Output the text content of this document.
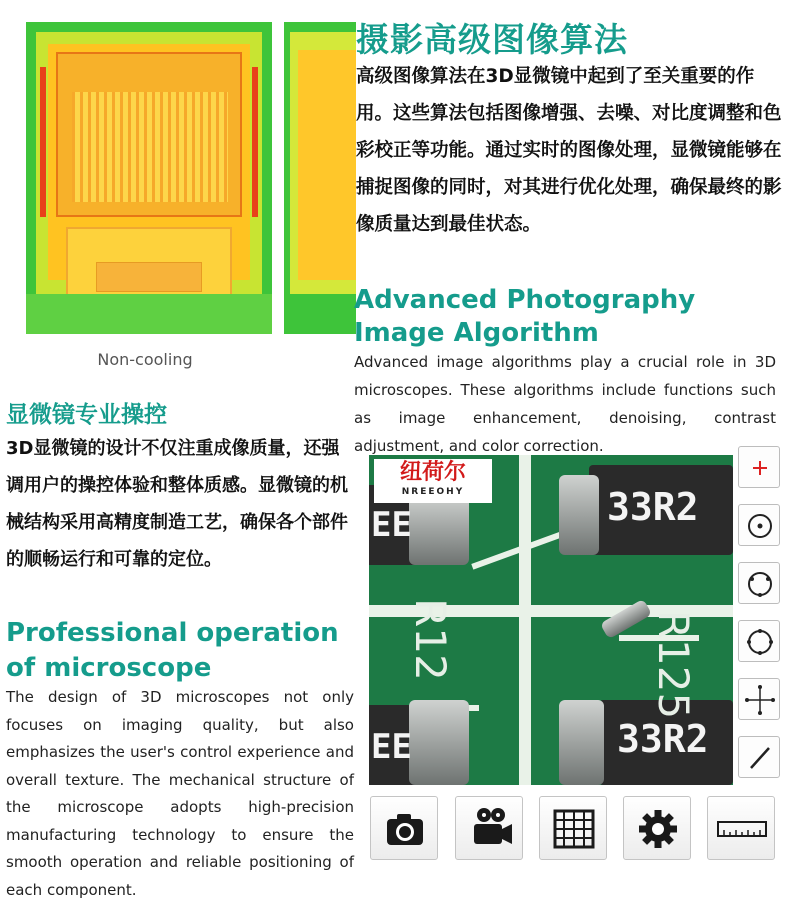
Non-cooling
摄影高级图像算法
高级图像算法在3D显微镜中起到了至关重要的作用。这些算法包括图像增强、去噪、对比度调整和色彩校正等功能。通过实时的图像处理，显微镜能够在捕捉图像的同时，对其进行优化处理，确保最终的影像质量达到最佳状态。
Advanced Photography Image Algorithm
Advanced image algorithms play a crucial role in 3D microscopes. These algorithms include functions such as image enhancement, denoising, contrast adjustment, and color correction.
显微镜专业操控
3D显微镜的设计不仅注重成像质量，还强调用户的操控体验和整体质感。显微镜的机械结构采用高精度制造工艺，确保各个部件的顺畅运行和可靠的定位。
Professional operation of microscope
The design of 3D microscopes not only focuses on imaging quality, but also emphasizes the user's control experience and overall texture. The mechanical structure of the microscope adopts high-precision manufacturing technology to ensure the smooth operation and reliable positioning of each component.
33R2
EE
33R2
EE
R12	R125
纽荷尔
NREEOHY
